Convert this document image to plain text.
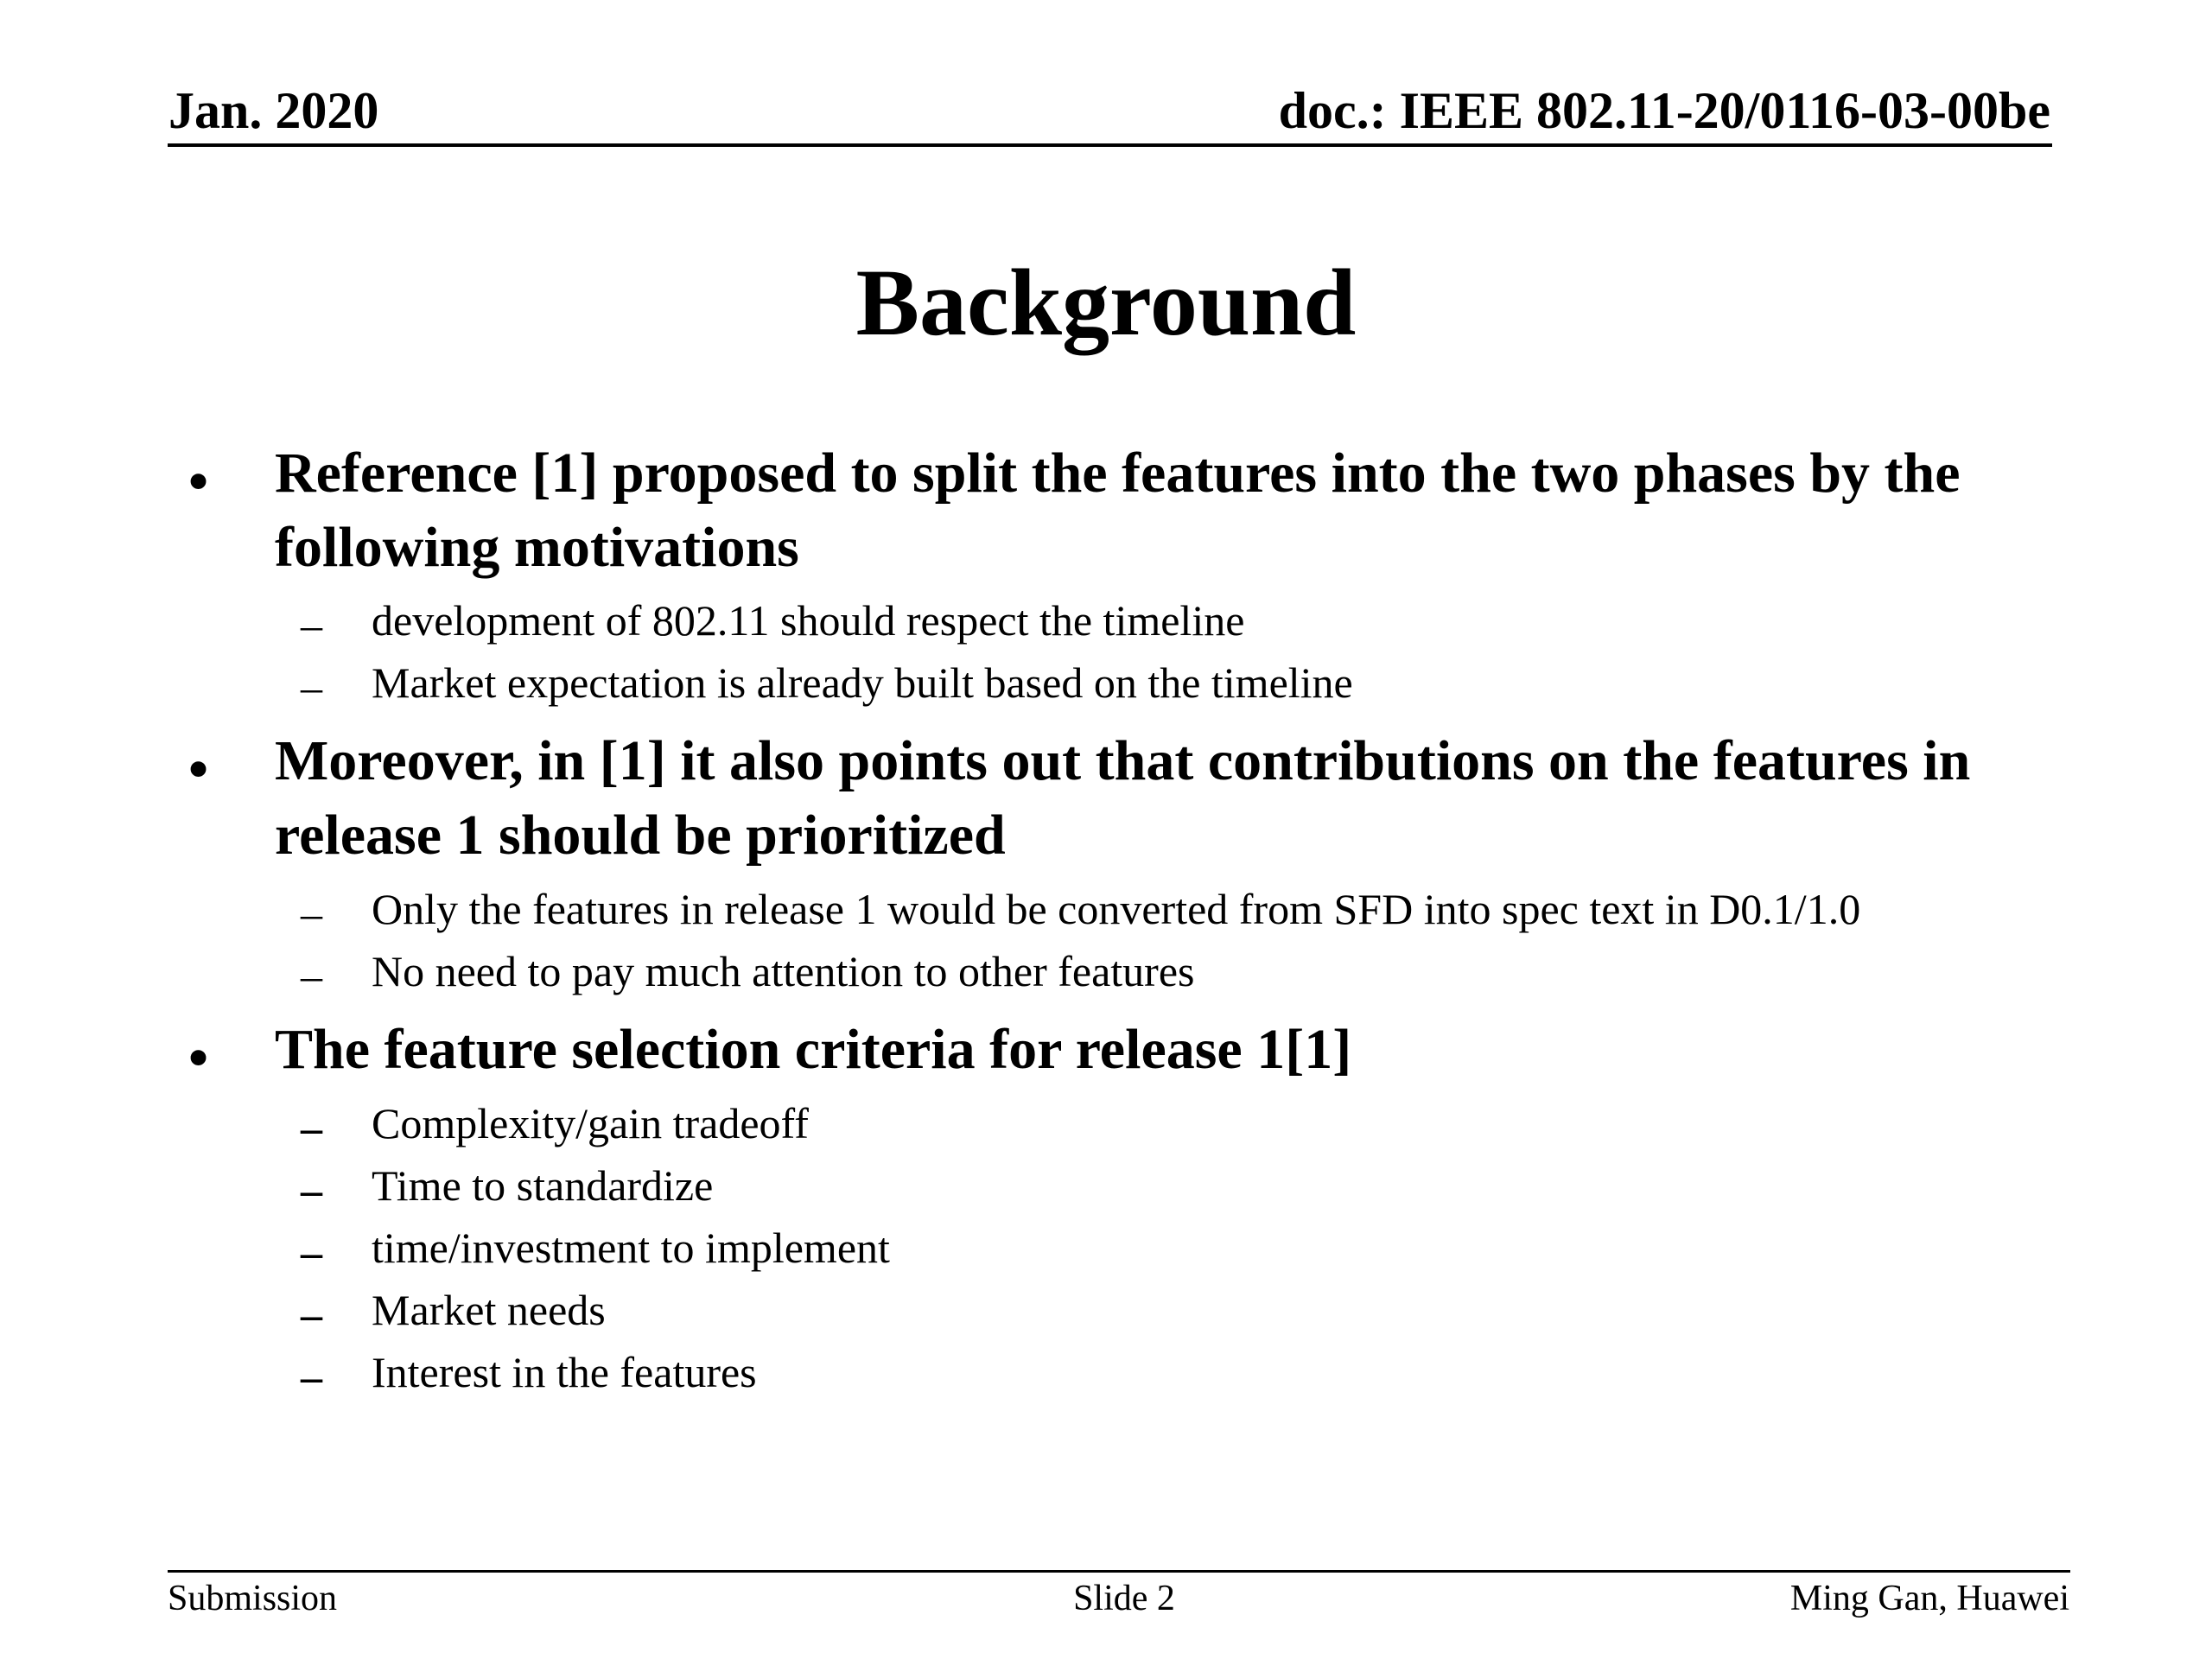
Jan. 2020	doc.: IEEE 802.11-20/0116-03-00be
Background
• Reference [1] proposed to split the features into the two phases by the following motivations
– development of 802.11 should respect the timeline
– Market expectation is already built based on the timeline
• Moreover, in [1] it also points out that contributions on the features in release 1 should be prioritized
– Only the features in release 1 would be converted from SFD into spec text in D0.1/1.0
– No need to pay much attention to other features
• The feature selection criteria for release 1[1]
– Complexity/gain tradeoff
– Time to standardize
– time/investment to implement
– Market needs
– Interest in the features
Submission	Slide 2	Ming Gan, Huawei
